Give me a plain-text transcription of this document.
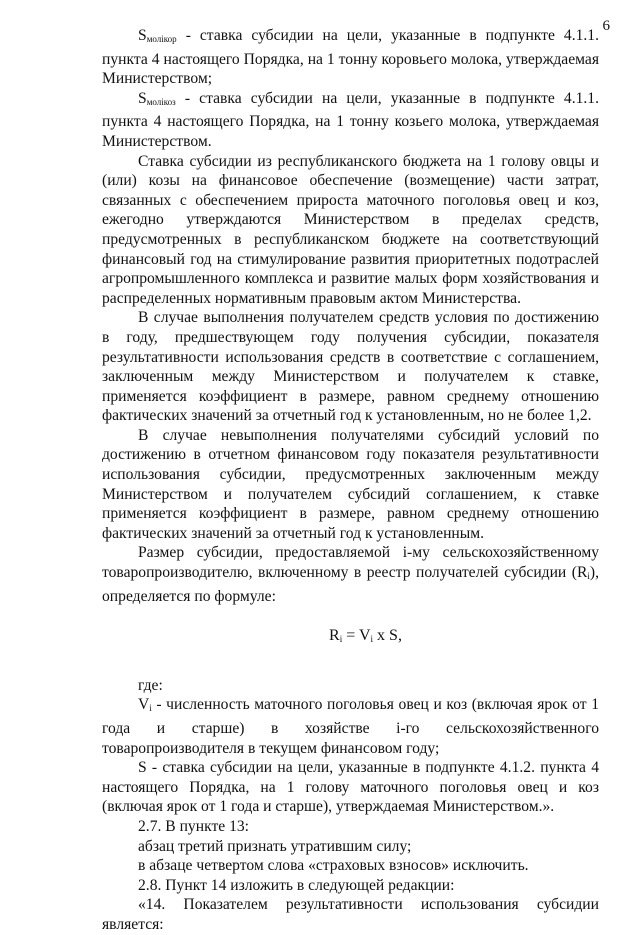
6

$S_{молікор}$ - ставка субсидии на цели, указанные в подпункте 4.1.1. пункта 4 настоящего Порядка, на 1 тонну коровьего молока, утверждаемая Министерством;

$S_{молікоз}$ - ставка субсидии на цели, указанные в подпункте 4.1.1. пункта 4 настоящего Порядка, на 1 тонну козьего молока, утверждаемая Министерством.

Ставка субсидии из республиканского бюджета на 1 голову овцы и (или) козы на финансовое обеспечение (возмещение) части затрат, связанных с обеспечением прироста маточного поголовья овец и коз, ежегодно утверждаются Министерством в пределах средств, предусмотренных в республиканском бюджете на соответствующий финансовый год на стимулирование развития приоритетных подотраслей агропромышленного комплекса и развитие малых форм хозяйствования и распределенных нормативным правовым актом Министерства.

В случае выполнения получателем средств условия по достижению в году, предшествующем году получения субсидии, показателя результативности использования средств в соответствие с соглашением, заключенным между Министерством и получателем к ставке, применяется коэффициент в размере, равном среднему отношению фактических значений за отчетный год к установленным, но не более 1,2.

В случае невыполнения получателями субсидий условий по достижению в отчетном финансовом году показателя результативности использования субсидии, предусмотренных заключенным между Министерством и получателем субсидий соглашением, к ставке применяется коэффициент в размере, равном среднему отношению фактических значений за отчетный год к установленным.

Размер субсидии, предоставляемой i-му сельскохозяйственному товаропроизводителю, включенному в реестр получателей субсидии $(R_i)$, определяется по формуле:

$R_i = V_i$ x S,

где:

$V_i$ - численность маточного поголовья овец и коз (включая ярок от 1 года и старше) в хозяйстве i-го сельскохозяйственного товаропроизводителя в текущем финансовом году;

S - ставка субсидии на цели, указанные в подпункте 4.1.2. пункта 4 настоящего Порядка, на 1 голову маточного поголовья овец и коз (включая ярок от 1 года и старше), утверждаемая Министерством.».

2.7. В пункте 13:

абзац третий признать утратившим силу;

в абзаце четвертом слова «страховых взносов» исключить.

2.8. Пункт 14 изложить в следующей редакции:

«14. Показателем результативности использования субсидии является:
